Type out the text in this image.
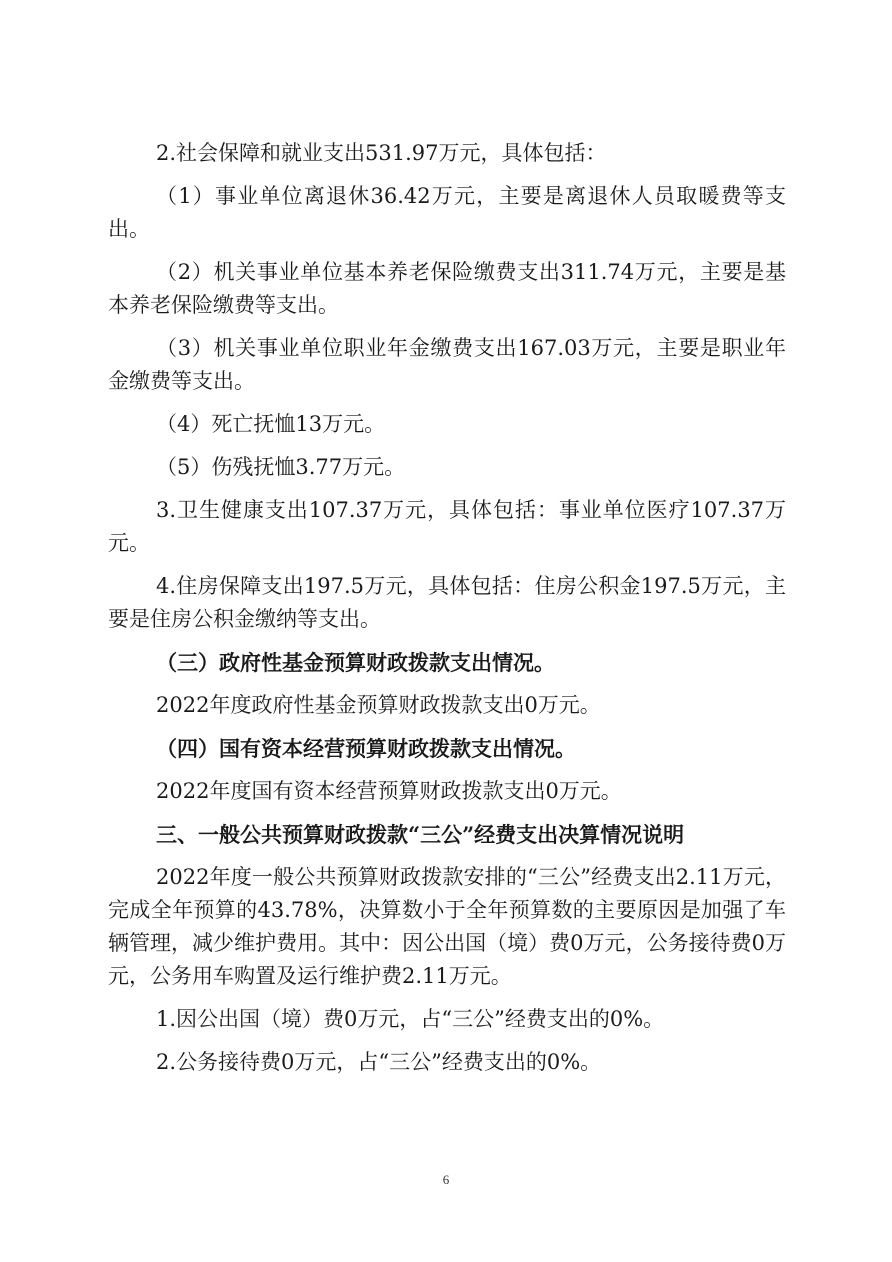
2.社会保障和就业支出531.97万元，具体包括：

（1）事业单位离退休36.42万元，主要是离退休人员取暖费等支出。

（2）机关事业单位基本养老保险缴费支出311.74万元，主要是基本养老保险缴费等支出。

（3）机关事业单位职业年金缴费支出167.03万元，主要是职业年金缴费等支出。

（4）死亡抚恤13万元。

（5）伤残抚恤3.77万元。

3.卫生健康支出107.37万元，具体包括：事业单位医疗107.37万元。

4.住房保障支出197.5万元，具体包括：住房公积金197.5万元，主要是住房公积金缴纳等支出。

（三）政府性基金预算财政拨款支出情况。

2022年度政府性基金预算财政拨款支出0万元。

（四）国有资本经营预算财政拨款支出情况。

2022年度国有资本经营预算财政拨款支出0万元。

三、一般公共预算财政拨款“三公”经费支出决算情况说明

2022年度一般公共预算财政拨款安排的“三公”经费支出2.11万元，完成全年预算的43.78%，决算数小于全年预算数的主要原因是加强了车辆管理，减少维护费用。其中：因公出国（境）费0万元，公务接待费0万元，公务用车购置及运行维护费2.11万元。

1.因公出国（境）费0万元，占“三公”经费支出的0%。

2.公务接待费0万元，占“三公”经费支出的0%。

6
